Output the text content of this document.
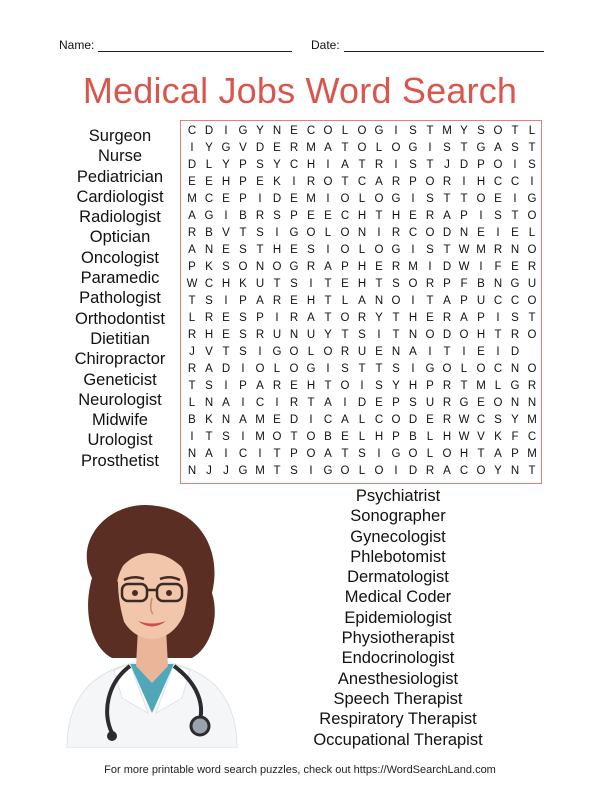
Name:	Date:
Medical Jobs Word Search
Surgeon
Nurse
Pediatrician
Cardiologist
Radiologist
Optician
Oncologist
Paramedic
Pathologist
Orthodontist
Dietitian
Chiropractor
Geneticist
Neurologist
Midwife
Urologist
Prosthetist
C D I G Y N E C O L O G I	S T M Y S O T L
I	Y G V D E R M A T O L O G I	S T G A S T
D L Y P S Y C H I	A T R I	S T J D P O I	S
E E H P E K	I R O T C A R P O R I H C C I
M C E P	I D E M I O L O G I	S T T O E	I G
A G I	B R S P E E C H T H E R A P	I	S T O
R B V T S	I G O L O N I R C O D N E	I	E L
A N E S T H E S	I O L O G I	S T W M R N O
P K S O N O G R A P H E R M I D W I	F E R
W C H K U T S	I	T E H T S O R P F B N G U
T S	I	P A R E H T L A N O I	T A P U C C O
L R E S P	I R A T O R Y T H E R A P	I	S T
R H E S R U N U Y T S	I	T N O D O H T R O
J V T S	I G O L O R U E N A	I	T	I	E	I D
R A D I O L O G I	S T T S	I G O L O C N O
T S	I	P A R E H T O I	S Y H P R T M L G R
L N A	I C I R T A	I D E P S U R G E O N N
B K N A M E D I C A L C O D E R W C S Y M
I	T S	I M O T O B E L H P B L H W V K F C
N A	I C I	T P O A T S	I G O L O H T A P M
N J J G M T S	I G O L O I D R A C O Y N T
Psychiatrist
Sonographer
Gynecologist
Phlebotomist
Dermatologist
Medical Coder
Epidemiologist
Physiotherapist
Endocrinologist
Anesthesiologist
Speech Therapist
Respiratory Therapist
Occupational Therapist
For more printable word search puzzles, check out https://WordSearchLand.com
